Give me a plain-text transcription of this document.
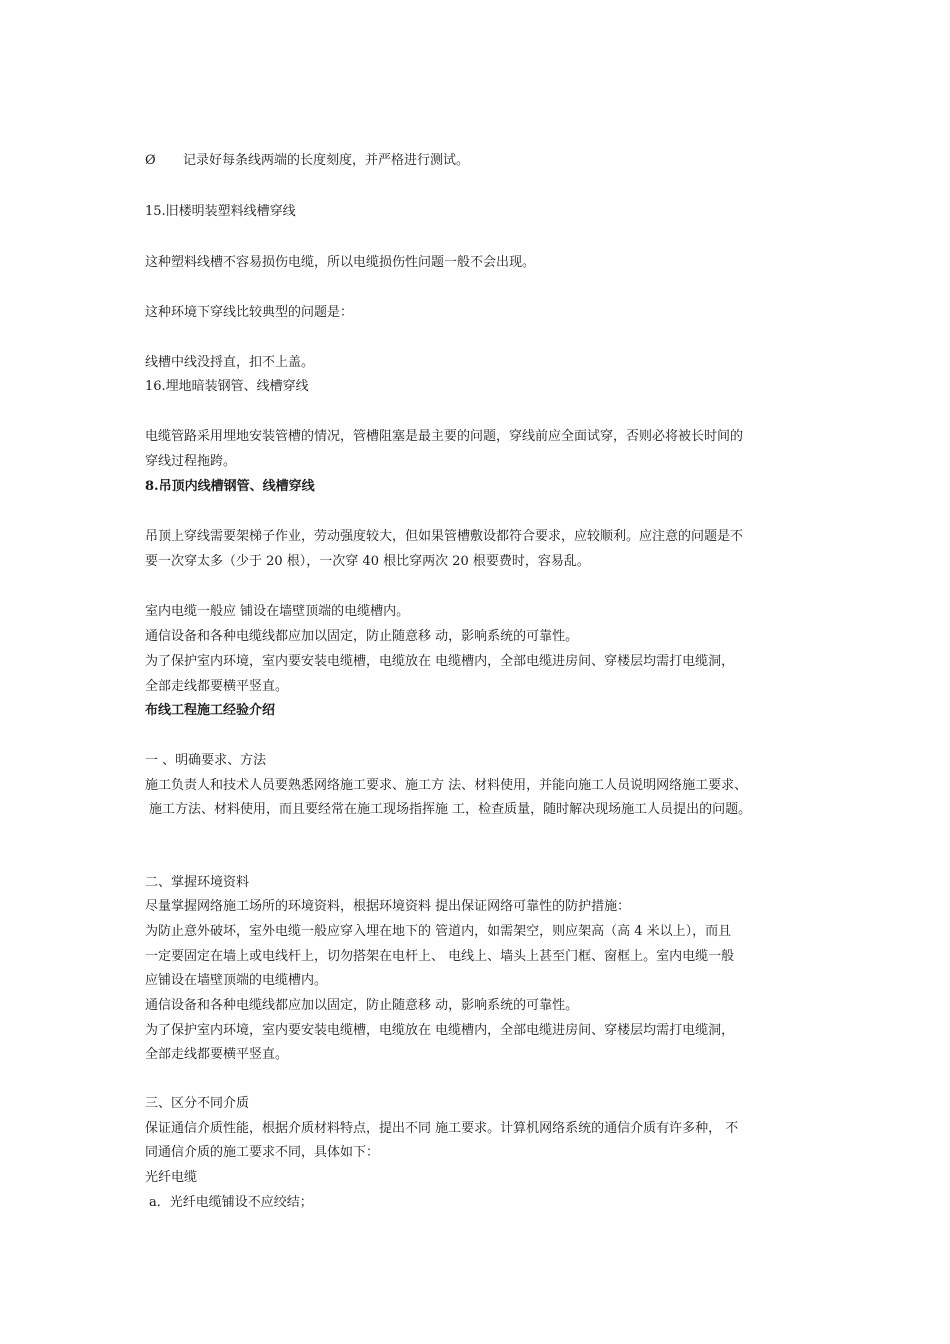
Ø 记录好每条线两端的长度刻度，并严格进行测试。
15.旧楼明装塑料线槽穿线
这种塑料线槽不容易损伤电缆，所以电缆损伤性问题一般不会出现。
这种环境下穿线比较典型的问题是：
线槽中线没捋直，扣不上盖。
16.埋地暗装钢管、线槽穿线
电缆管路采用埋地安装管槽的情况，管槽阻塞是最主要的问题，穿线前应全面试穿，否则必将被长时间的
穿线过程拖跨。
8.吊顶内线槽钢管、线槽穿线
吊顶上穿线需要架梯子作业，劳动强度较大，但如果管槽敷设都符合要求，应较顺利。应注意的问题是不
要一次穿太多（少于 20 根），一次穿 40 根比穿两次 20 根要费时，容易乱。
室内电缆一般应 铺设在墙壁顶端的电缆槽内。
通信设备和各种电缆线都应加以固定，防止随意移 动，影响系统的可靠性。
为了保护室内环境，室内要安装电缆槽，电缆放在 电缆槽内，全部电缆进房间、穿楼层均需打电缆洞，
全部走线都要横平竖直。
布线工程施工经验介绍
一 、明确要求、方法
施工负责人和技术人员要熟悉网络施工要求、施工方 法、材料使用，并能向施工人员说明网络施工要求、
施工方法、材料使用，而且要经常在施工现场指挥施 工，检查质量，随时解决现场施工人员提出的问题。
二、掌握环境资料
尽量掌握网络施工场所的环境资料，根据环境资料 提出保证网络可靠性的防护措施：
为防止意外破坏，室外电缆一般应穿入埋在地下的 管道内，如需架空，则应架高（高 4 米以上），而且
一定要固定在墙上或电线杆上，切勿搭架在电杆上、 电线上、墙头上甚至门框、窗框上。室内电缆一般
应铺设在墙壁顶端的电缆槽内。
通信设备和各种电缆线都应加以固定，防止随意移 动，影响系统的可靠性。
为了保护室内环境，室内要安装电缆槽，电缆放在 电缆槽内，全部电缆进房间、穿楼层均需打电缆洞，
全部走线都要横平竖直。
三、区分不同介质
保证通信介质性能，根据介质材料特点，提出不同 施工要求。计算机网络系统的通信介质有许多种， 不
同通信介质的施工要求不同，具体如下：
光纤电缆
a．光纤电缆铺设不应绞结；
